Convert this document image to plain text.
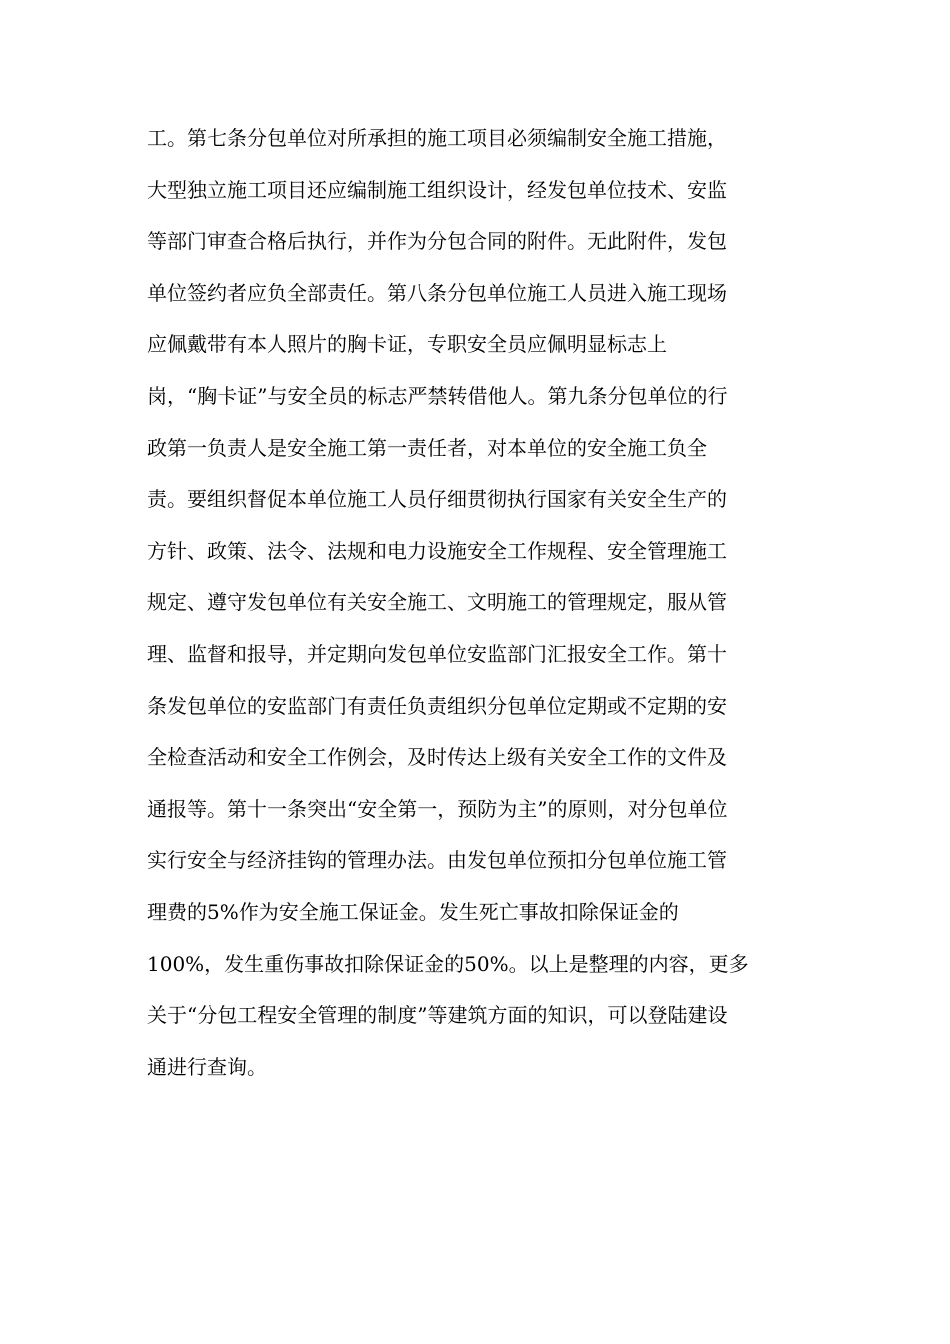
工。第七条分包单位对所承担的施工项目必须编制安全施工措施，
大型独立施工项目还应编制施工组织设计，经发包单位技术、安监
等部门审查合格后执行，并作为分包合同的附件。无此附件，发包
单位签约者应负全部责任。第八条分包单位施工人员进入施工现场
应佩戴带有本人照片的胸卡证，专职安全员应佩明显标志上
岗，“胸卡证”与安全员的标志严禁转借他人。第九条分包单位的行
政第一负责人是安全施工第一责任者，对本单位的安全施工负全
责。要组织督促本单位施工人员仔细贯彻执行国家有关安全生产的
方针、政策、法令、法规和电力设施安全工作规程、安全管理施工
规定、遵守发包单位有关安全施工、文明施工的管理规定，服从管
理、监督和报导，并定期向发包单位安监部门汇报安全工作。第十
条发包单位的安监部门有责任负责组织分包单位定期或不定期的安
全检查活动和安全工作例会，及时传达上级有关安全工作的文件及
通报等。第十一条突出“安全第一，预防为主”的原则，对分包单位
实行安全与经济挂钩的管理办法。由发包单位预扣分包单位施工管
理费的5%作为安全施工保证金。发生死亡事故扣除保证金的
100%，发生重伤事故扣除保证金的50%。以上是整理的内容，更多
关于“分包工程安全管理的制度”等建筑方面的知识，可以登陆建设
通进行查询。
